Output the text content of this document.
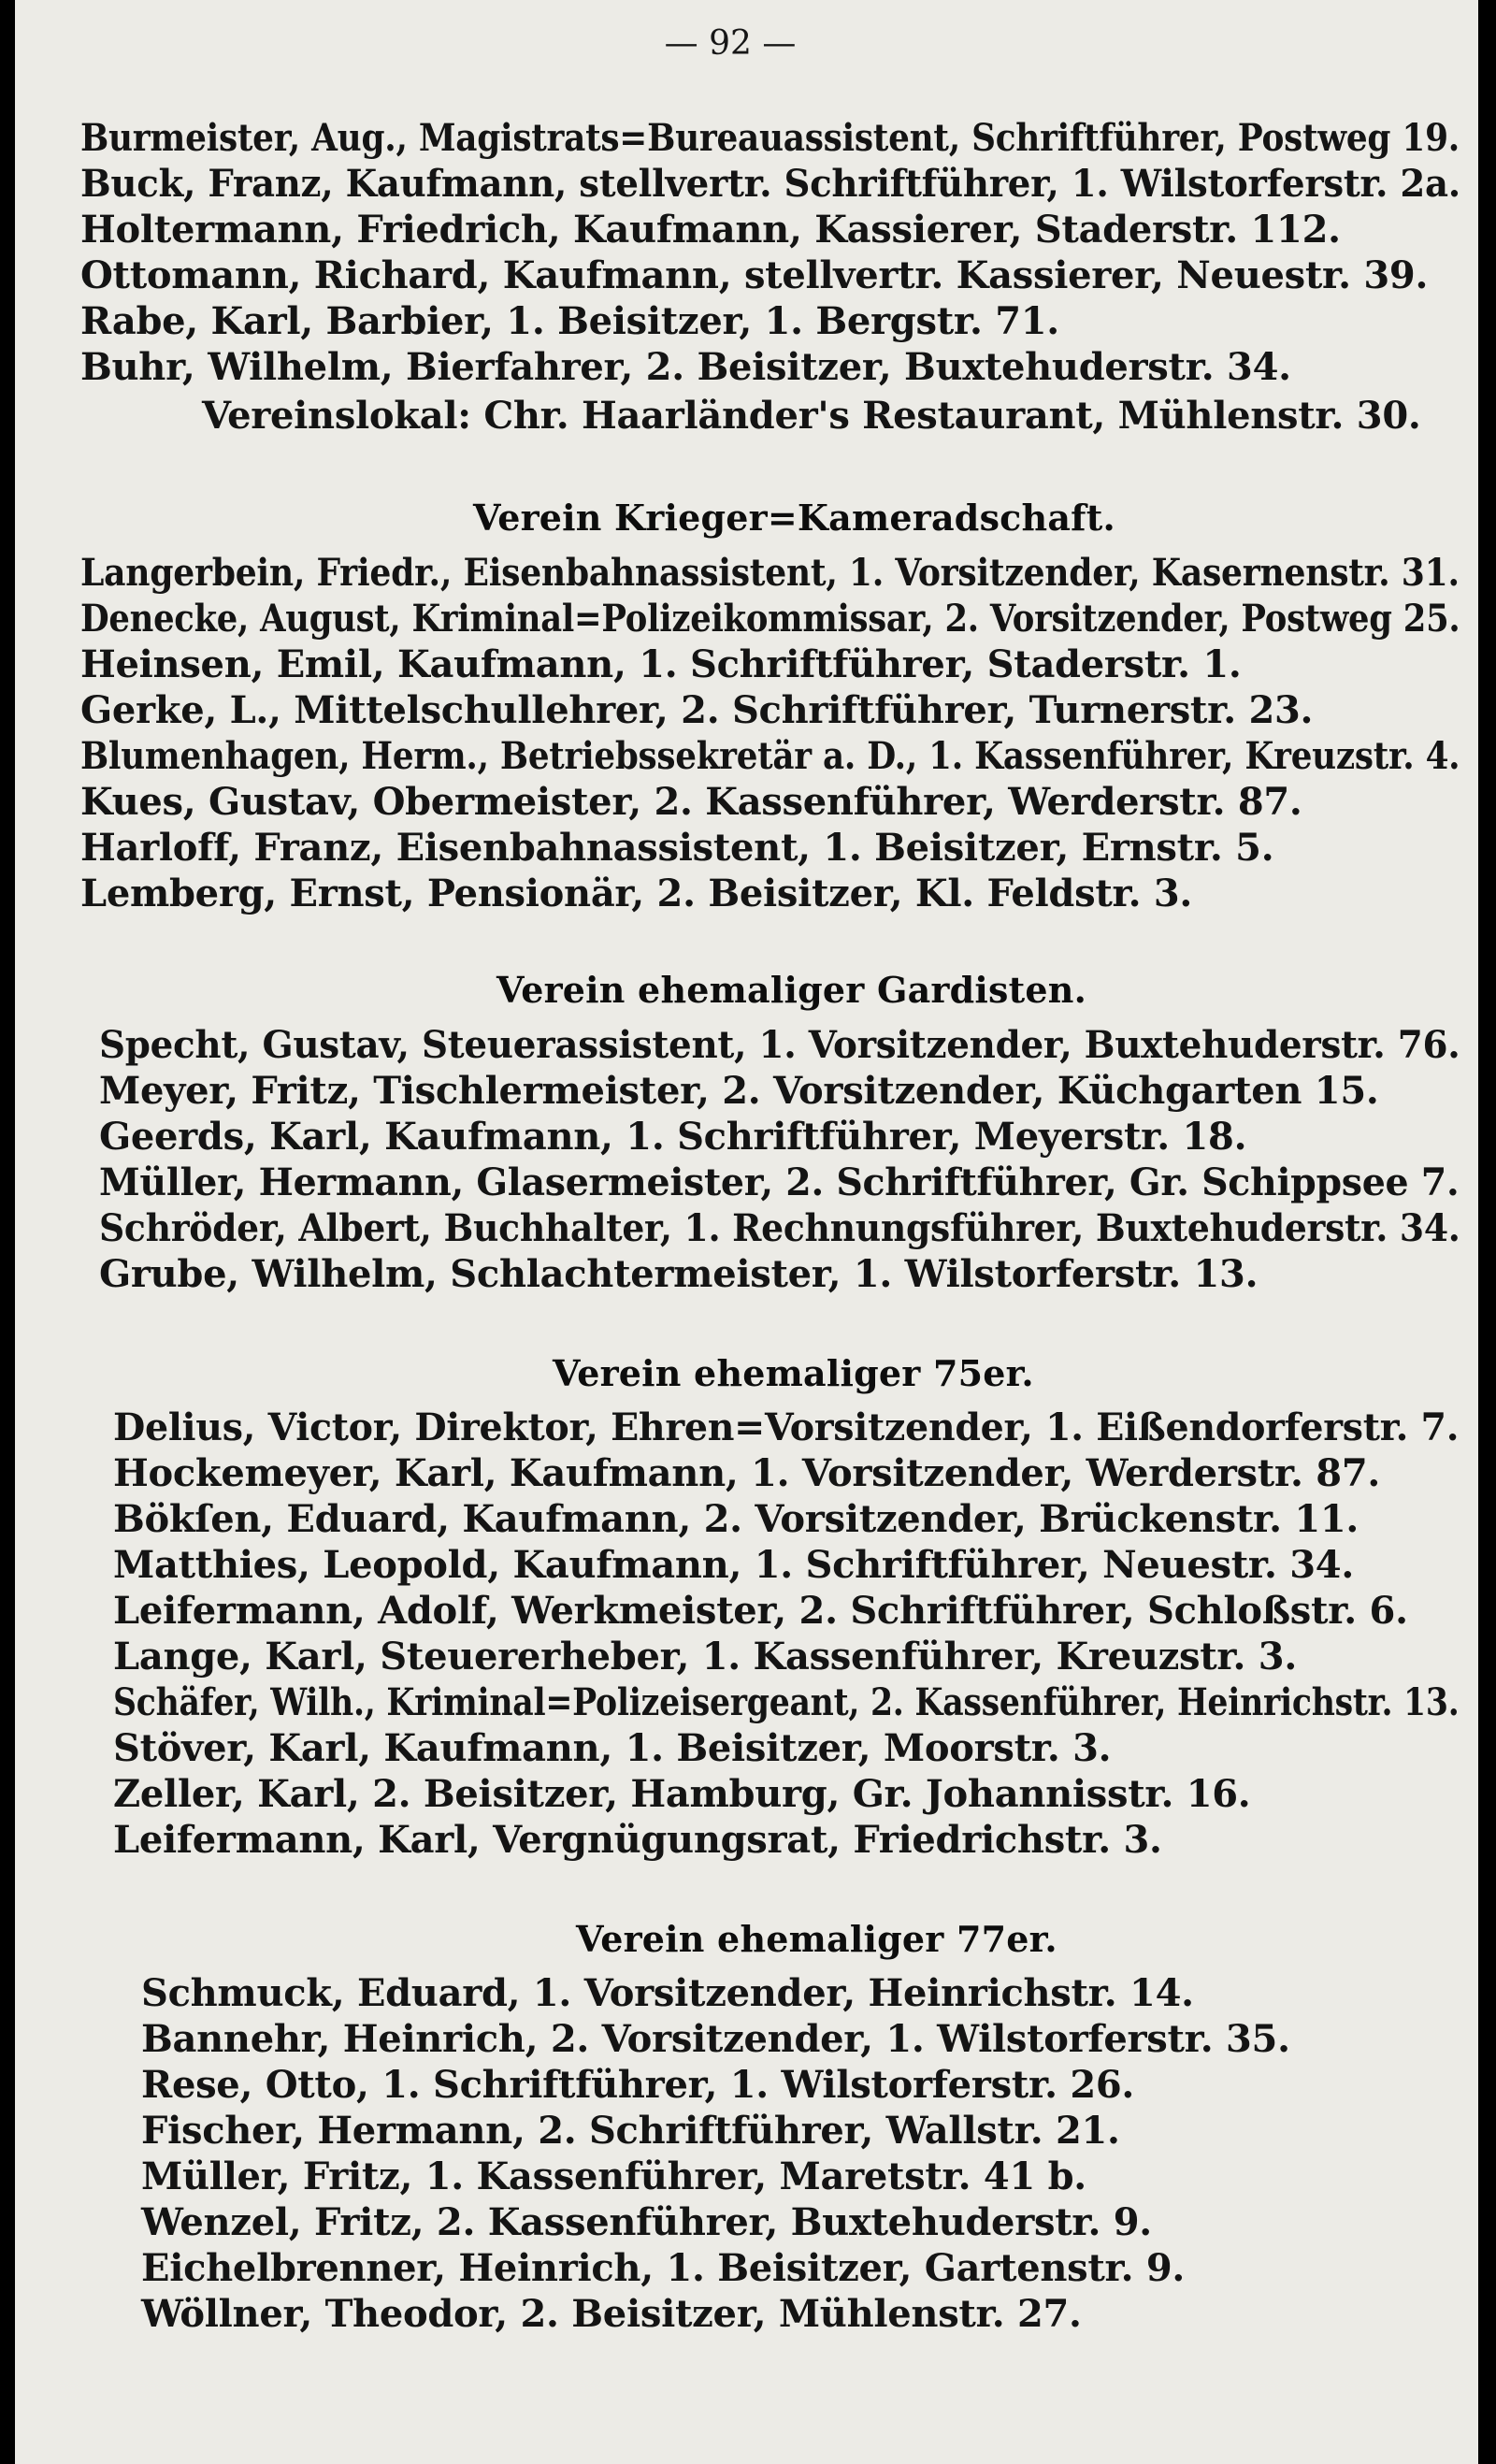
— 92 —
Burmeister, Aug., Magistrats=Bureauassistent, Schriftführer, Postweg 19.
Buck, Franz, Kaufmann, stellvertr. Schriftführer, 1. Wilstorferstr. 2a.
Holtermann, Friedrich, Kaufmann, Kassierer, Staderstr. 112.
Ottomann, Richard, Kaufmann, stellvertr. Kassierer, Neuestr. 39.
Rabe, Karl, Barbier, 1. Beisitzer, 1. Bergstr. 71.
Buhr, Wilhelm, Bierfahrer, 2. Beisitzer, Buxtehuderstr. 34.
Vereinslokal: Chr. Haarländer's Restaurant, Mühlenstr. 30.
Verein Krieger=Kameradschaft.
Langerbein, Friedr., Eisenbahnassistent, 1. Vorsitzender, Kasernenstr. 31.
Denecke, August, Kriminal=Polizeikommissar, 2. Vorsitzender, Postweg 25.
Heinsen, Emil, Kaufmann, 1. Schriftführer, Staderstr. 1.
Gerke, L., Mittelschullehrer, 2. Schriftführer, Turnerstr. 23.
Blumenhagen, Herm., Betriebssekretär a. D., 1. Kassenführer, Kreuzstr. 4.
Kues, Gustav, Obermeister, 2. Kassenführer, Werderstr. 87.
Harloff, Franz, Eisenbahnassistent, 1. Beisitzer, Ernstr. 5.
Lemberg, Ernst, Pensionär, 2. Beisitzer, Kl. Feldstr. 3.
Verein ehemaliger Gardisten.
Specht, Gustav, Steuerassistent, 1. Vorsitzender, Buxtehuderstr. 76.
Meyer, Fritz, Tischlermeister, 2. Vorsitzender, Küchgarten 15.
Geerds, Karl, Kaufmann, 1. Schriftführer, Meyerstr. 18.
Müller, Hermann, Glasermeister, 2. Schriftführer, Gr. Schippsee 7.
Schröder, Albert, Buchhalter, 1. Rechnungsführer, Buxtehuderstr. 34.
Grube, Wilhelm, Schlachtermeister, 1. Wilstorferstr. 13.
Verein ehemaliger 75er.
Delius, Victor, Direktor, Ehren=Vorsitzender, 1. Eißendorferstr. 7.
Hockemeyer, Karl, Kaufmann, 1. Vorsitzender, Werderstr. 87.
Bökſen, Eduard, Kaufmann, 2. Vorsitzender, Brückenstr. 11.
Matthies, Leopold, Kaufmann, 1. Schriftführer, Neuestr. 34.
Leifermann, Adolf, Werkmeister, 2. Schriftführer, Schloßstr. 6.
Lange, Karl, Steuererheber, 1. Kassenführer, Kreuzstr. 3.
Schäfer, Wilh., Kriminal=Polizeisergeant, 2. Kassenführer, Heinrichstr. 13.
Stöver, Karl, Kaufmann, 1. Beisitzer, Moorstr. 3.
Zeller, Karl, 2. Beisitzer, Hamburg, Gr. Johannisstr. 16.
Leifermann, Karl, Vergnügungsrat, Friedrichstr. 3.
Verein ehemaliger 77er.
Schmuck, Eduard, 1. Vorsitzender, Heinrichstr. 14.
Bannehr, Heinrich, 2. Vorsitzender, 1. Wilstorferstr. 35.
Rese, Otto, 1. Schriftführer, 1. Wilstorferstr. 26.
Fischer, Hermann, 2. Schriftführer, Wallstr. 21.
Müller, Fritz, 1. Kassenführer, Maretstr. 41 b.
Wenzel, Fritz, 2. Kassenführer, Buxtehuderstr. 9.
Eichelbrenner, Heinrich, 1. Beisitzer, Gartenstr. 9.
Wöllner, Theodor, 2. Beisitzer, Mühlenstr. 27.
